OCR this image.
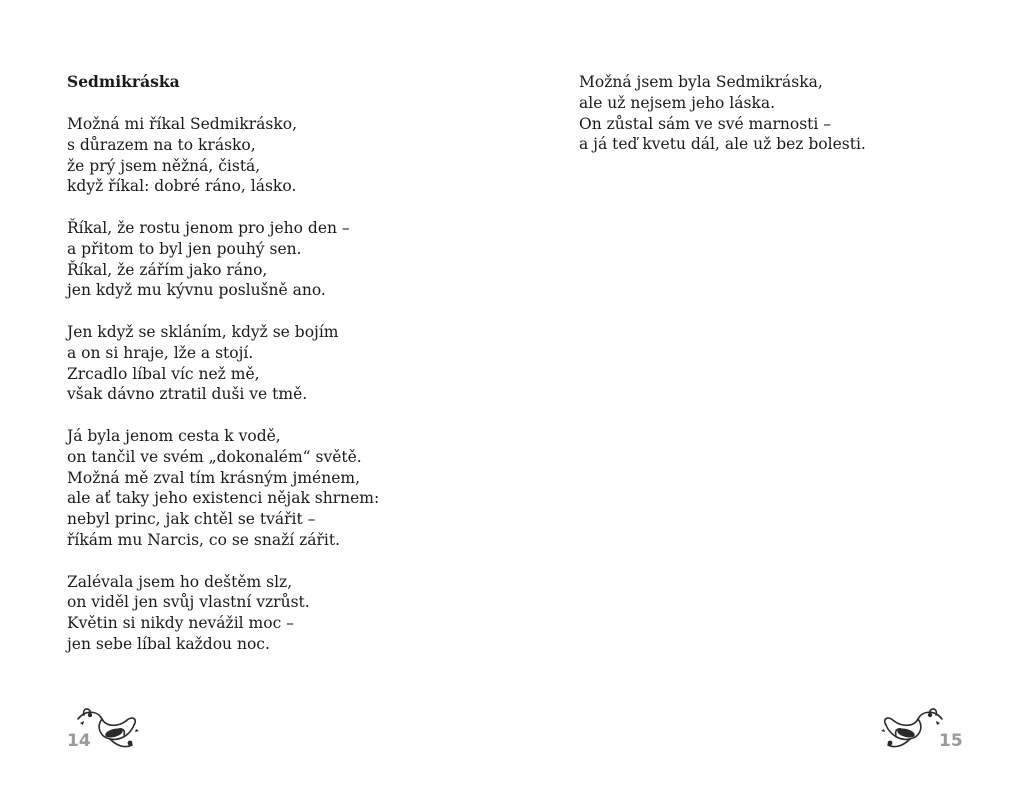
Sedmikráska

Možná mi říkal Sedmikrásko,
s důrazem na to krásko,
že prý jsem něžná, čistá,
když říkal: dobré ráno, lásko.

Říkal, že rostu jenom pro jeho den –
a přitom to byl jen pouhý sen.
Říkal, že zářím jako ráno,
jen když mu kývnu poslušně ano.

Jen když se skláním, když se bojím
a on si hraje, lže a stojí.
Zrcadlo líbal víc než mě,
však dávno ztratil duši ve tmě.

Já byla jenom cesta k vodě,
on tančil ve svém „dokonalém“ světě.
Možná mě zval tím krásným jménem,
ale ať taky jeho existenci nějak shrnem:
nebyl princ, jak chtěl se tvářit –
říkám mu Narcis, co se snaží zářit.

Zalévala jsem ho deštěm slz,
on viděl jen svůj vlastní vzrůst.
Květin si nikdy nevážil moc –
jen sebe líbal každou noc.

14

Možná jsem byla Sedmikráska,
ale už nejsem jeho láska.
On zůstal sám ve své marnosti –
a já teď kvetu dál, ale už bez bolesti.

15
